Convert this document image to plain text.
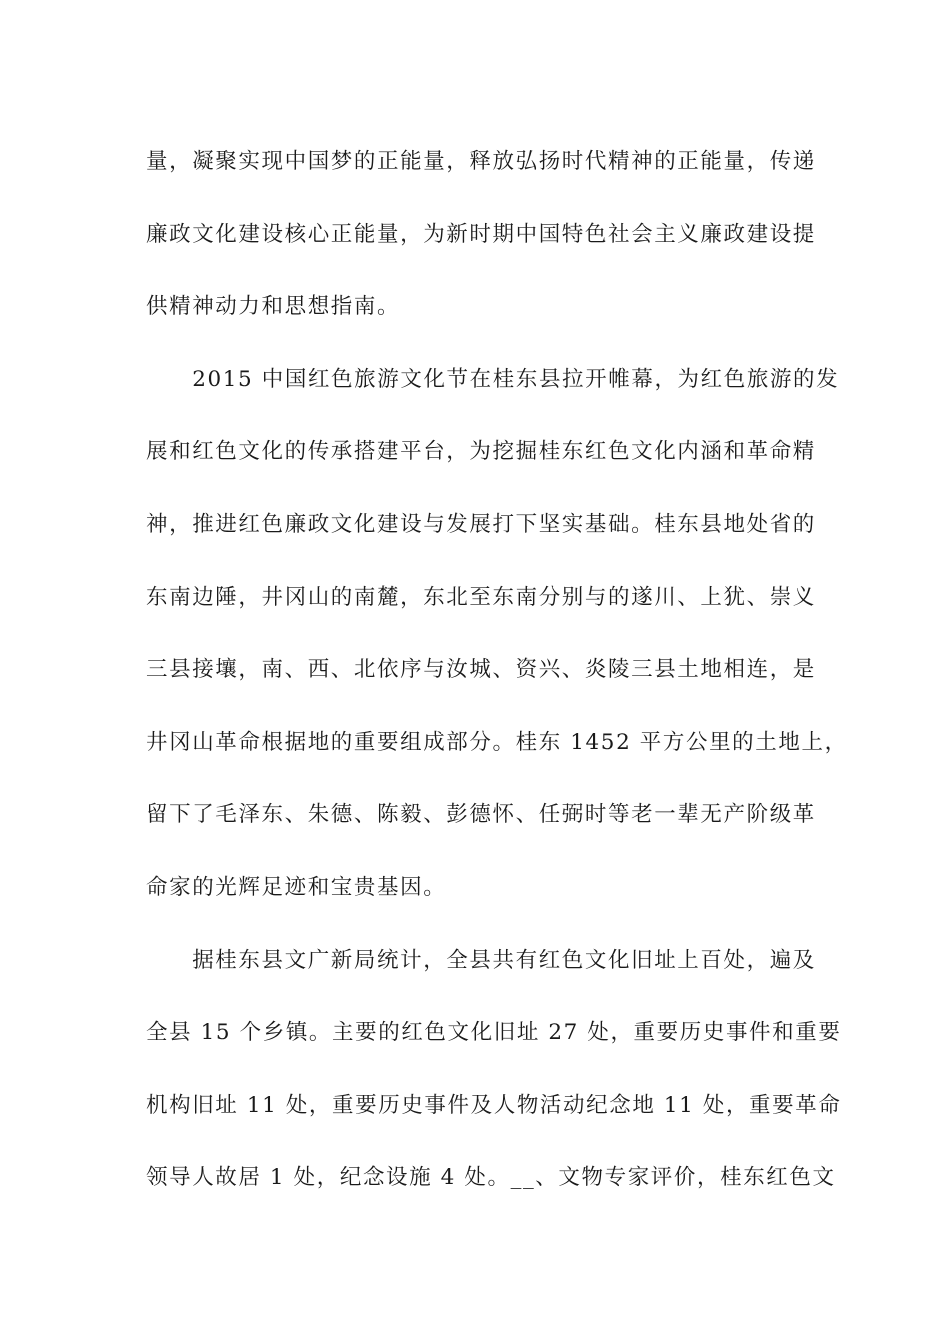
量，凝聚实现中国梦的正能量，释放弘扬时代精神的正能量，传递
廉政文化建设核心正能量，为新时期中国特色社会主义廉政建设提
供精神动力和思想指南。
　　2015 中国红色旅游文化节在桂东县拉开帷幕，为红色旅游的发
展和红色文化的传承搭建平台，为挖掘桂东红色文化内涵和革命精
神，推进红色廉政文化建设与发展打下坚实基础。桂东县地处省的
东南边陲，井冈山的南麓，东北至东南分别与的遂川、上犹、崇义
三县接壤，南、西、北依序与汝城、资兴、炎陵三县土地相连，是
井冈山革命根据地的重要组成部分。桂东 1452 平方公里的土地上，
留下了毛泽东、朱德、陈毅、彭德怀、任弼时等老一辈无产阶级革
命家的光辉足迹和宝贵基因。
　　据桂东县文广新局统计，全县共有红色文化旧址上百处，遍及
全县 15 个乡镇。主要的红色文化旧址 27 处，重要历史事件和重要
机构旧址 11 处，重要历史事件及人物活动纪念地 11 处，重要革命
领导人故居 1 处，纪念设施 4 处。__、文物专家评价，桂东红色文
